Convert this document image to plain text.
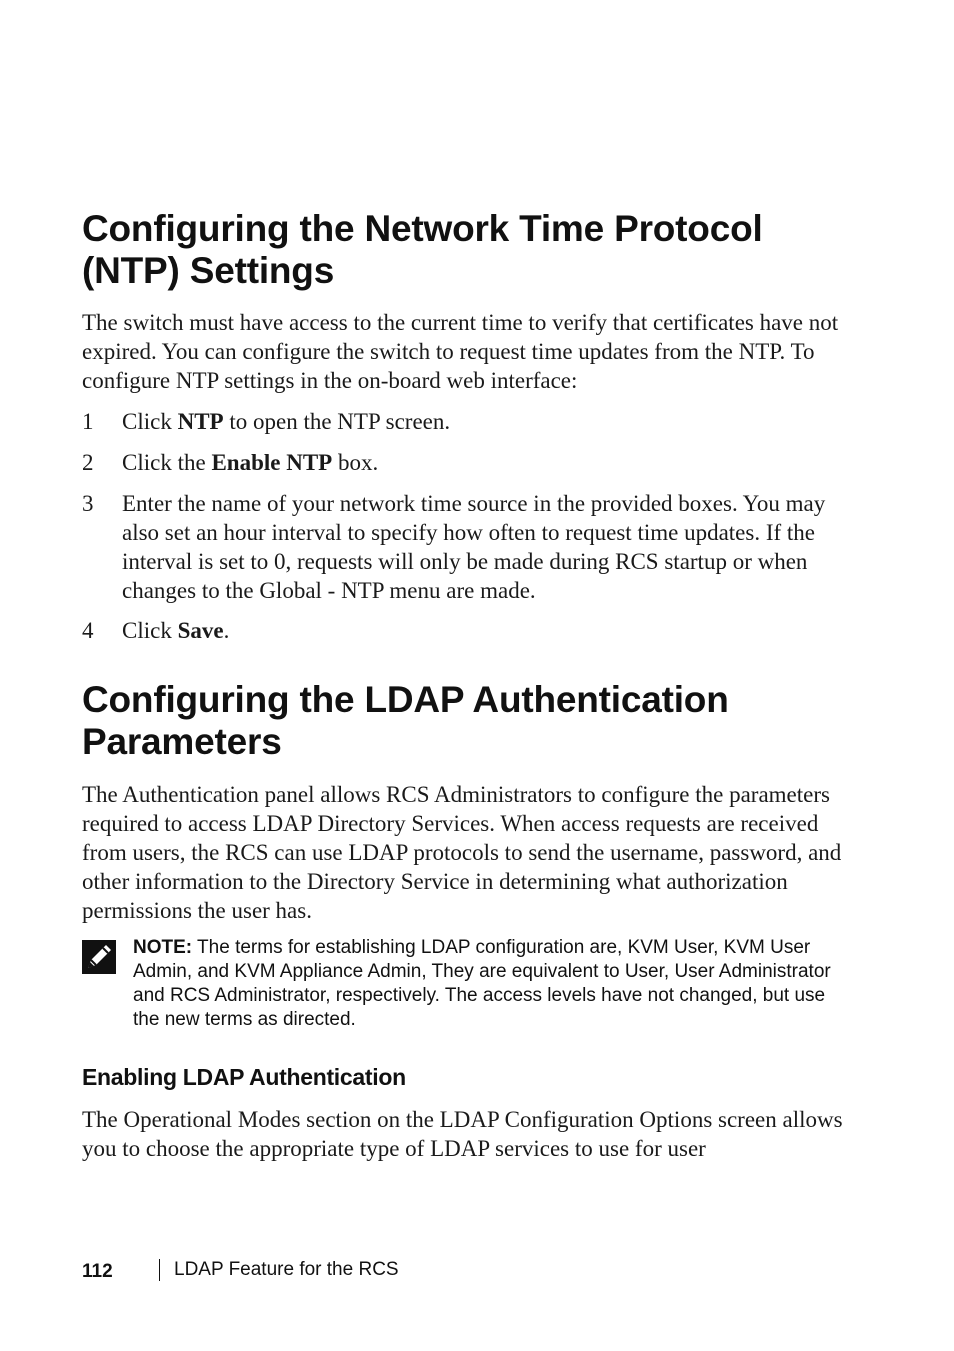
Configuring the Network Time Protocol (NTP) Settings

The switch must have access to the current time to verify that certificates have not expired. You can configure the switch to request time updates from the NTP. To configure NTP settings in the on-board web interface:

1	Click NTP to open the NTP screen.
2	Click the Enable NTP box.
3	Enter the name of your network time source in the provided boxes. You may also set an hour interval to specify how often to request time updates. If the interval is set to 0, requests will only be made during RCS startup or when changes to the Global - NTP menu are made.
4	Click Save.
Configuring the LDAP Authentication Parameters

The Authentication panel allows RCS Administrators to configure the parameters required to access LDAP Directory Services. When access requests are received from users, the RCS can use LDAP protocols to send the username, password, and other information to the Directory Service in determining what authorization permissions the user has.

NOTE: The terms for establishing LDAP configuration are, KVM User, KVM User Admin, and KVM Appliance Admin, They are equivalent to User, User Administrator and RCS Administrator, respectively. The access levels have not changed, but use the new terms as directed.
Enabling LDAP Authentication

The Operational Modes section on the LDAP Configuration Options screen allows you to choose the appropriate type of LDAP services to use for user

112	LDAP Feature for the RCS
